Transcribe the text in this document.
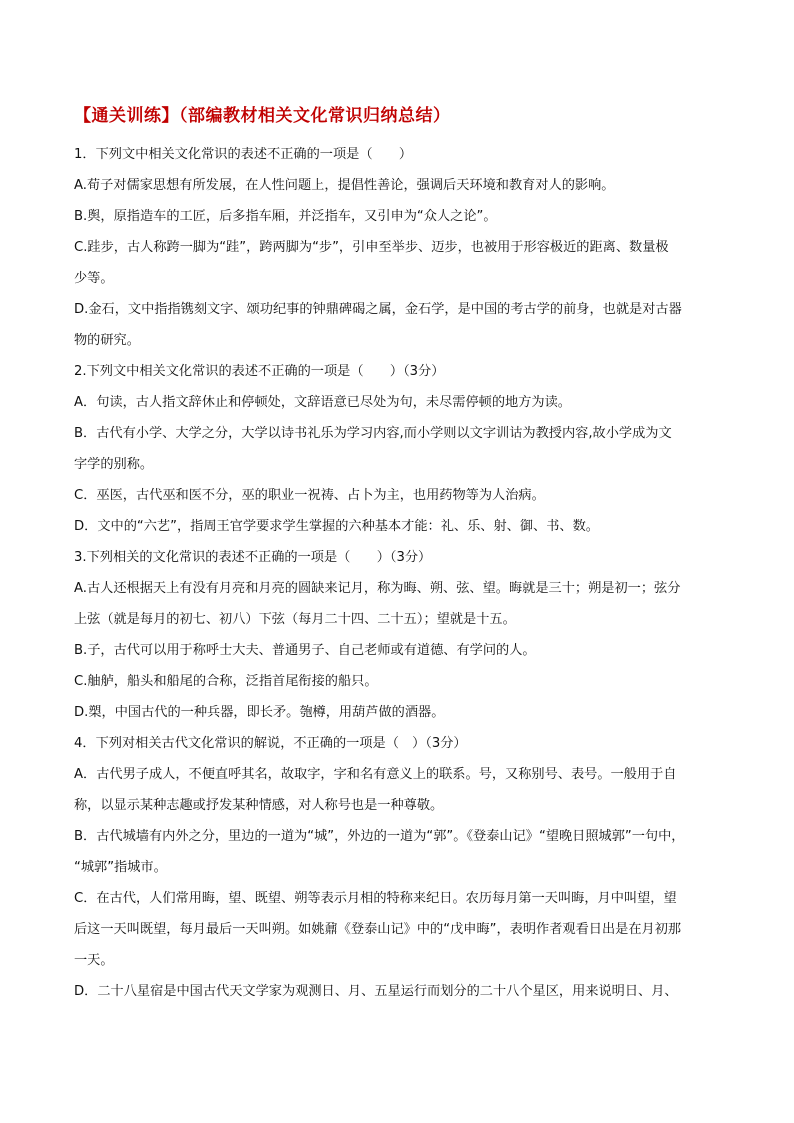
【通关训练】（部编教材相关文化常识归纳总结）
1．下列文中相关文化常识的表述不正确的一项是（　　）
A.荀子对儒家思想有所发展，在人性问题上，提倡性善论，强调后天环境和教育对人的影响。
B.舆，原指造车的工匠，后多指车厢，并泛指车，又引申为“众人之论”。
C.跬步，古人称跨一脚为“跬”，跨两脚为“步”，引申至举步、迈步，也被用于形容极近的距离、数量极
少等。
D.金石，文中指指镌刻文字、颂功纪事的钟鼎碑碣之属，金石学，是中国的考古学的前身，也就是对古器
物的研究。
2.下列文中相关文化常识的表述不正确的一项是（　　）（3分）
A．句读，古人指文辞休止和停顿处，文辞语意已尽处为句，未尽需停顿的地方为读。
B．古代有小学、大学之分，大学以诗书礼乐为学习内容,而小学则以文字训诂为教授内容,故小学成为文
字学的别称。
C．巫医，古代巫和医不分，巫的职业一祝祷、占卜为主，也用药物等为人治病。
D．文中的“六艺”，指周王官学要求学生掌握的六种基本才能：礼、乐、射、御、书、数。
3.下列相关的文化常识的表述不正确的一项是（　　）（3分）
A.古人还根据天上有没有月亮和月亮的圆缺来记月，称为晦、朔、弦、望。晦就是三十；朔是初一；弦分
上弦（就是每月的初七、初八）下弦（每月二十四、二十五）；望就是十五。
B.子，古代可以用于称呼士大夫、普通男子、自己老师或有道德、有学问的人。
C.舳舻，船头和船尾的合称，泛指首尾衔接的船只。
D.槊，中国古代的一种兵器，即长矛。匏樽，用葫芦做的酒器。
4．下列对相关古代文化常识的解说，不正确的一项是（　）（3分）
A．古代男子成人，不便直呼其名，故取字，字和名有意义上的联系。号，又称别号、表号。一般用于自
称，以显示某种志趣或抒发某种情感，对人称号也是一种尊敬。
B．古代城墙有内外之分，里边的一道为“城”，外边的一道为“郭”。《登泰山记》“望晚日照城郭”一句中，
“城郭”指城市。
C．在古代，人们常用晦，望、既望、朔等表示月相的特称来纪日。农历每月第一天叫晦，月中叫望，望
后这一天叫既望，每月最后一天叫朔。如姚鼐《登泰山记》中的“戊申晦”，表明作者观看日出是在月初那
一天。
D．二十八星宿是中国古代天文学家为观测日、月、五星运行而划分的二十八个星区，用来说明日、月、
